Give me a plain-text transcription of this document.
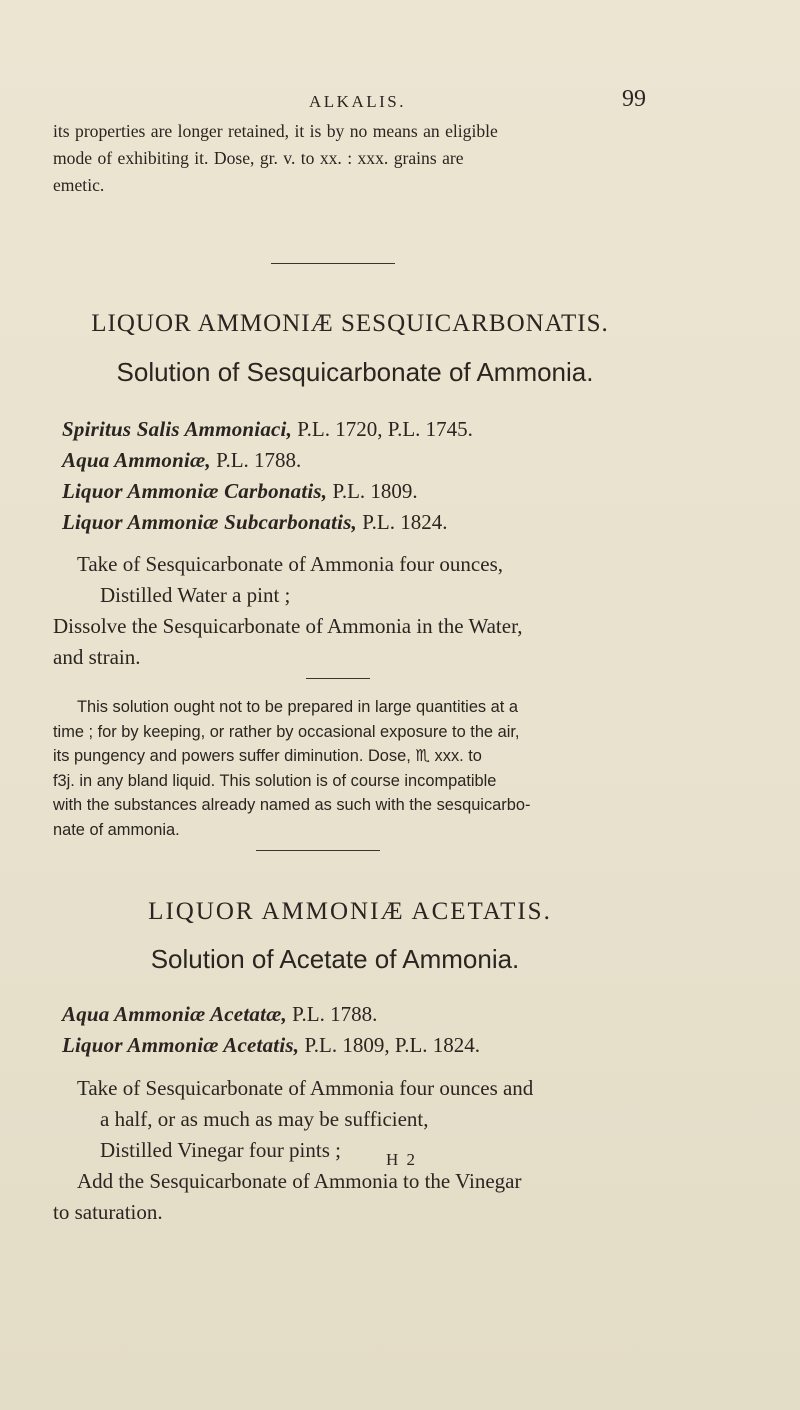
ALKALIS.	99
its properties are longer retained, it is by no means an eligible
mode of exhibiting it. Dose, gr. v. to xx. : xxx. grains are
emetic.
LIQUOR AMMONIÆ SESQUICARBONATIS.
Solution of Sesquicarbonate of Ammonia.
Spiritus Salis Ammoniaci, P.L. 1720, P.L. 1745.
Aqua Ammoniæ, P.L. 1788.
Liquor Ammoniæ Carbonatis, P.L. 1809.
Liquor Ammoniæ Subcarbonatis, P.L. 1824.
Take of Sesquicarbonate of Ammonia four ounces,
Distilled Water a pint ;
Dissolve the Sesquicarbonate of Ammonia in the Water,
and strain.
This solution ought not to be prepared in large quantities at a
time ; for by keeping, or rather by occasional exposure to the air,
its pungency and powers suffer diminution. Dose, ♏ xxx. to
f3j. in any bland liquid. This solution is of course incompatible
with the substances already named as such with the sesquicarbo-
nate of ammonia.
LIQUOR AMMONIÆ ACETATIS.
Solution of Acetate of Ammonia.
Aqua Ammoniæ Acetatæ, P.L. 1788.
Liquor Ammoniæ Acetatis, P.L. 1809, P.L. 1824.
Take of Sesquicarbonate of Ammonia four ounces and
a half, or as much as may be sufficient,
Distilled Vinegar four pints ;
Add the Sesquicarbonate of Ammonia to the Vinegar
to saturation.
H 2
